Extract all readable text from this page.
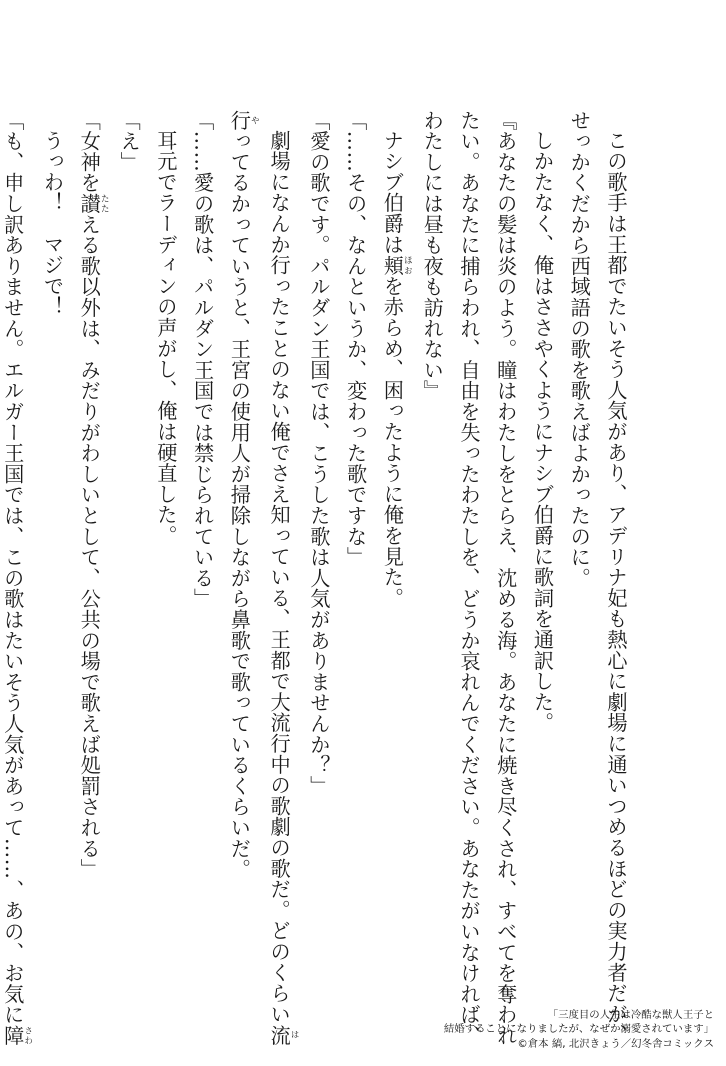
この歌手は王都でたいそう人気があり、アデリナ妃も熱心に劇場に通いつめるほどの実力者だが、

せっかくだから西域語の歌を歌えばよかったのに。

しかたなく、俺はささやくようにナシブ伯爵に歌詞を通訳した。

『あなたの髪は炎のよう。瞳はわたしをとらえ、沈める海。あなたに焼き尽くされ、すべてを奪われ

たい。あなたに捕らわれ、自由を失ったわたしを、どうか哀れんでください。あなたがいなければ、

わたしには昼も夜も訪れない』

ナシブ伯爵は頬 ほおを赤らめ、困ったように俺を見た。

「……その、なんというか、変わった歌ですな」

「愛の歌です。パルダン王国では、こうした歌は人気がありませんか？」

劇場になんか行ったことのない俺でさえ知っている、王都で大流行中の歌劇の歌だ。どのくらい流 は

行 やってるかっていうと、王宮の使用人が掃除しながら鼻歌で歌っているくらいだ。

「……愛の歌は、パルダン王国では禁じられている」

耳元でラーディンの声がし、俺は硬直した。

「え」

「女神を讃 たたえる歌以外は、みだりがわしいとして、公共の場で歌えば処罰される」

うっわ！　マジで！

「も、申し訳ありません。エルガー王国では、この歌はたいそう人気があって……、あの、お気に障 さわ

「三度目の人生は冷酷な獣人王子と
結婚することになりましたが、なぜか溺愛されています」
©倉本 縞, 北沢きょう／幻冬舎コミックス
